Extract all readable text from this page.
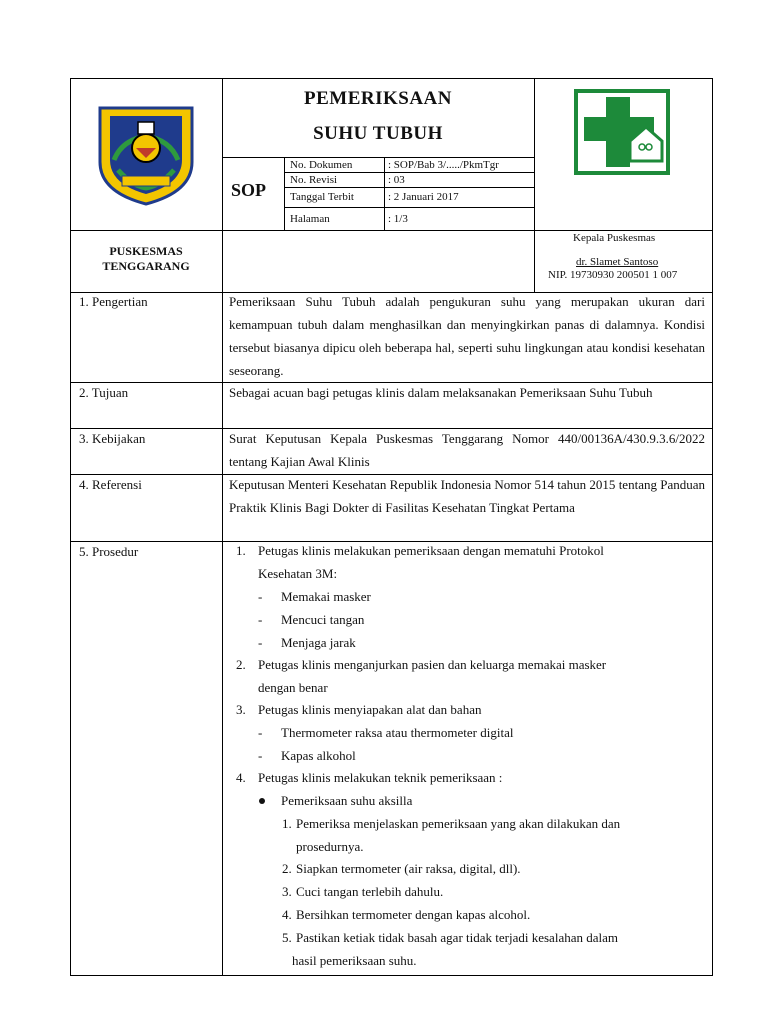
PEMERIKSAAN
SUHU TUBUH
SOP
No. Dokumen	: SOP/Bab 3/...../PkmTgr
No. Revisi	: 03
Tanggal Terbit	: 2 Januari 2017
Halaman	: 1/3
PUSKESMAS
TENGGARANG
Kepala Puskesmas
dr. Slamet Santoso
NIP. 19730930 200501 1 007
1. Pengertian	Pemeriksaan Suhu Tubuh adalah pengukuran suhu yang merupakan ukuran dari kemampuan tubuh dalam menghasilkan dan menyingkirkan panas di dalamnya. Kondisi tersebut biasanya dipicu oleh beberapa hal, seperti suhu lingkungan atau kondisi kesehatan seseorang.
2. Tujuan	Sebagai acuan bagi petugas klinis dalam melaksanakan Pemeriksaan Suhu Tubuh
3. Kebijakan	Surat Keputusan Kepala Puskesmas Tenggarang Nomor 440/00136A/430.9.3.6/2022 tentang Kajian Awal Klinis
4. Referensi	Keputusan Menteri Kesehatan Republik Indonesia Nomor 514 tahun 2015 tentang Panduan Praktik Klinis Bagi Dokter di Fasilitas Kesehatan Tingkat Pertama
5. Prosedur	1. Petugas klinis melakukan pemeriksaan dengan mematuhi Protokol
Kesehatan 3M:
- Memakai masker
- Mencuci tangan
- Menjaga jarak
2. Petugas klinis menganjurkan pasien dan keluarga memakai masker
dengan benar
3. Petugas klinis menyiapakan alat dan bahan
- Thermometer raksa atau thermometer digital
- Kapas alkohol
4. Petugas klinis melakukan teknik pemeriksaan :
Pemeriksaan suhu aksilla
1. Pemeriksa menjelaskan pemeriksaan yang akan dilakukan dan
prosedurnya.
2. Siapkan termometer (air raksa, digital, dll).
3. Cuci tangan terlebih dahulu.
4. Bersihkan termometer dengan kapas alcohol.
5. Pastikan ketiak tidak basah agar tidak terjadi kesalahan dalam
hasil pemeriksaan suhu.
